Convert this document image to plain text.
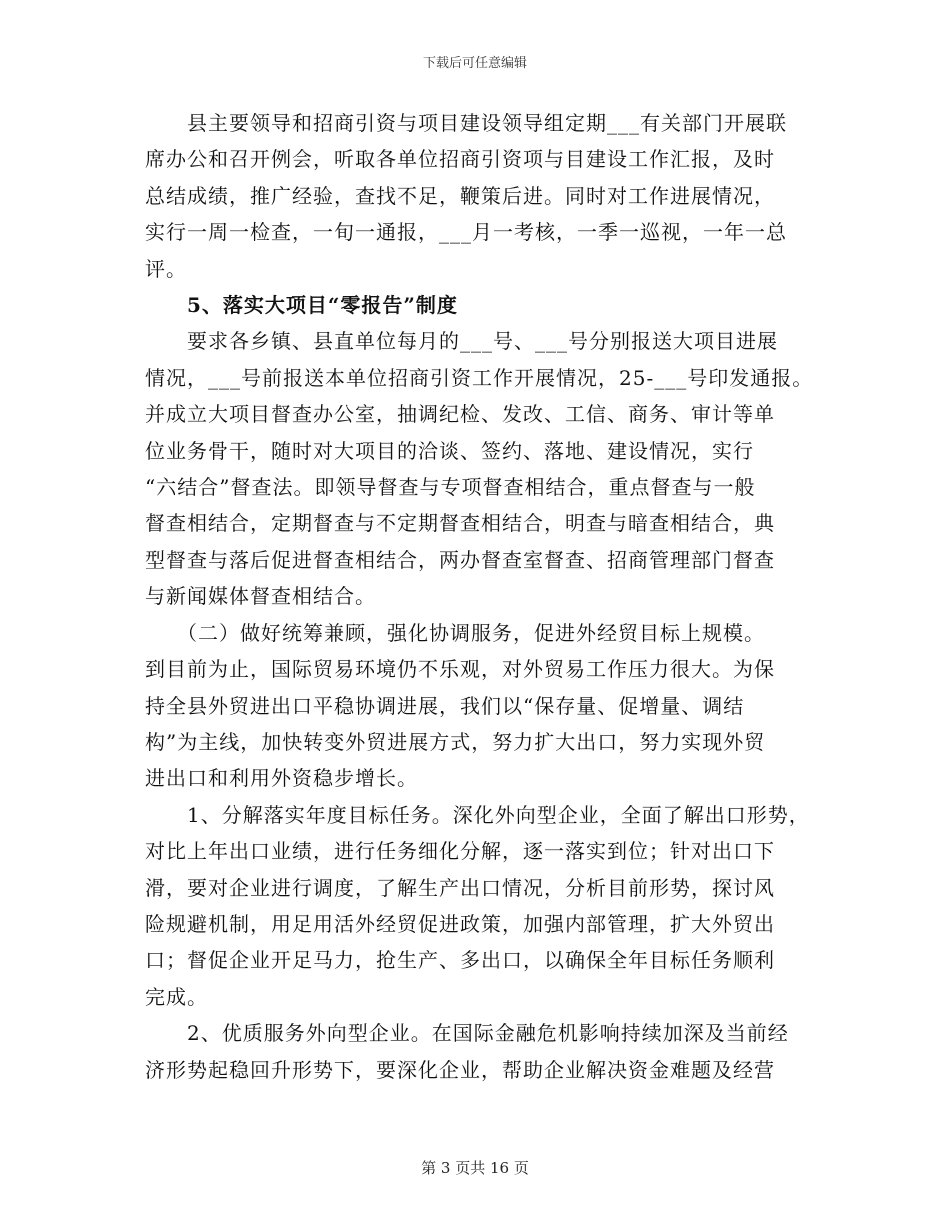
下载后可任意编辑
　　县主要领导和招商引资与项目建设领导组定期___有关部门开展联
席办公和召开例会，听取各单位招商引资项与目建设工作汇报，及时
总结成绩，推广经验，查找不足，鞭策后进。同时对工作进展情况，
实行一周一检查，一旬一通报，___月一考核，一季一巡视，一年一总
评。
　　5、落实大项目“零报告”制度
　　要求各乡镇、县直单位每月的___号、___号分别报送大项目进展
情况，___号前报送本单位招商引资工作开展情况，25-___号印发通报。
并成立大项目督查办公室，抽调纪检、发改、工信、商务、审计等单
位业务骨干，随时对大项目的洽谈、签约、落地、建设情况，实行
“六结合”督查法。即领导督查与专项督查相结合，重点督查与一般
督查相结合，定期督查与不定期督查相结合，明查与暗查相结合，典
型督查与落后促进督查相结合，两办督查室督查、招商管理部门督查
与新闻媒体督查相结合。
　　（二）做好统筹兼顾，强化协调服务，促进外经贸目标上规模。
到目前为止，国际贸易环境仍不乐观，对外贸易工作压力很大。为保
持全县外贸进出口平稳协调进展，我们以“保存量、促增量、调结
构”为主线，加快转变外贸进展方式，努力扩大出口，努力实现外贸
进出口和利用外资稳步增长。
　　1、分解落实年度目标任务。深化外向型企业，全面了解出口形势，
对比上年出口业绩，进行任务细化分解，逐一落实到位；针对出口下
滑，要对企业进行调度，了解生产出口情况，分析目前形势，探讨风
险规避机制，用足用活外经贸促进政策，加强内部管理，扩大外贸出
口；督促企业开足马力，抢生产、多出口，以确保全年目标任务顺利
完成。
　　2、优质服务外向型企业。在国际金融危机影响持续加深及当前经
济形势起稳回升形势下，要深化企业，帮助企业解决资金难题及经营
第 3 页共 16 页
